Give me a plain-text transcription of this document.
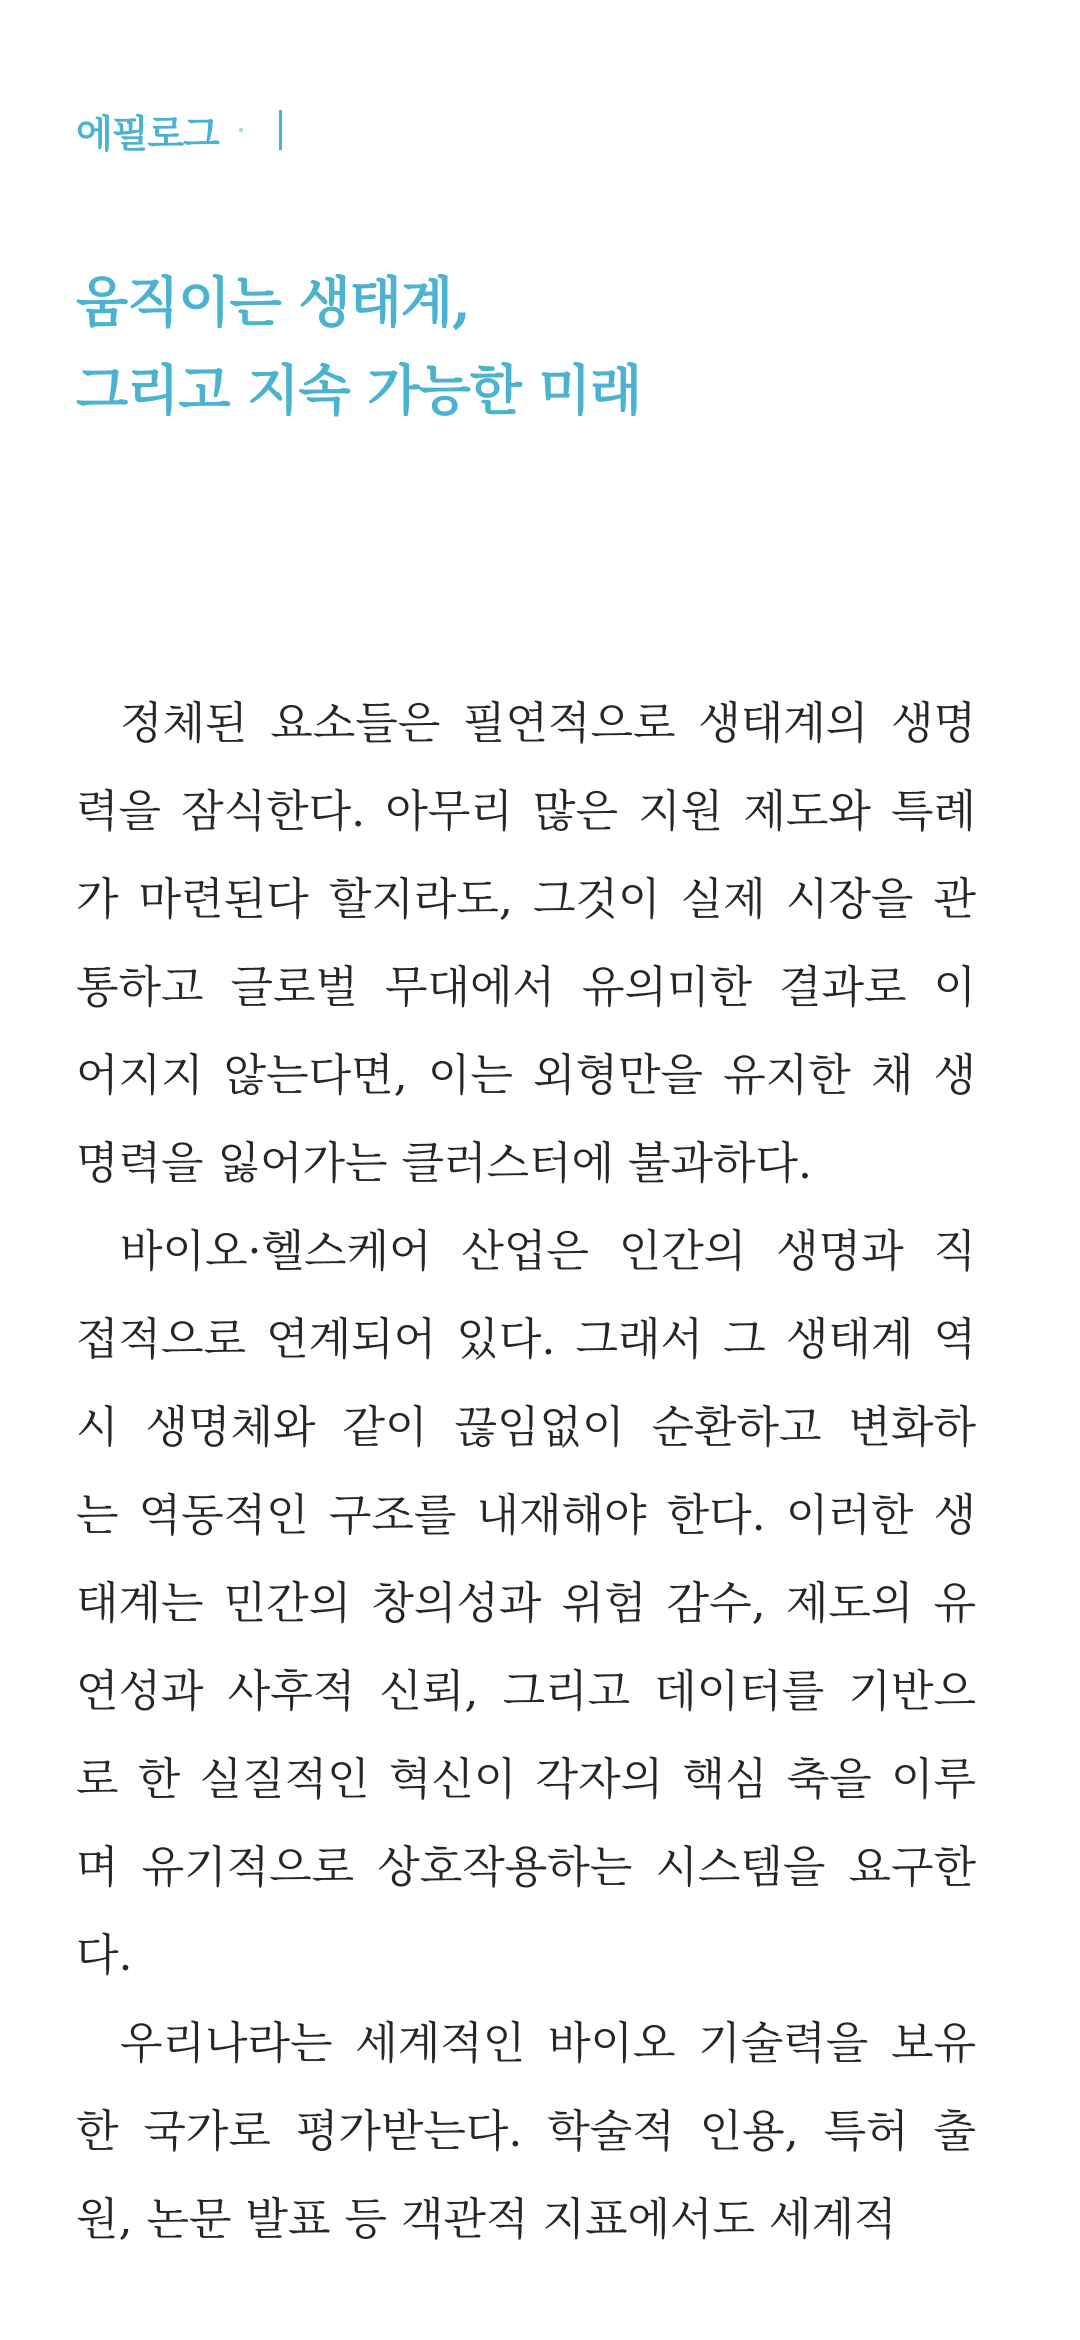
에필로그
움직이는 생태계,
그리고 지속 가능한 미래
정체된 요소들은 필연적으로 생태계의 생명
력을 잠식한다. 아무리 많은 지원 제도와 특례
가 마련된다 할지라도, 그것이 실제 시장을 관
통하고 글로벌 무대에서 유의미한 결과로 이
어지지 않는다면, 이는 외형만을 유지한 채 생
명력을 잃어가는 클러스터에 불과하다.
바이오·헬스케어 산업은 인간의 생명과 직
접적으로 연계되어 있다. 그래서 그 생태계 역
시 생명체와 같이 끊임없이 순환하고 변화하
는 역동적인 구조를 내재해야 한다. 이러한 생
태계는 민간의 창의성과 위험 감수, 제도의 유
연성과 사후적 신뢰, 그리고 데이터를 기반으
로 한 실질적인 혁신이 각자의 핵심 축을 이루
며 유기적으로 상호작용하는 시스템을 요구한
다.
우리나라는 세계적인 바이오 기술력을 보유
한 국가로 평가받는다. 학술적 인용, 특허 출
원, 논문 발표 등 객관적 지표에서도 세계적
